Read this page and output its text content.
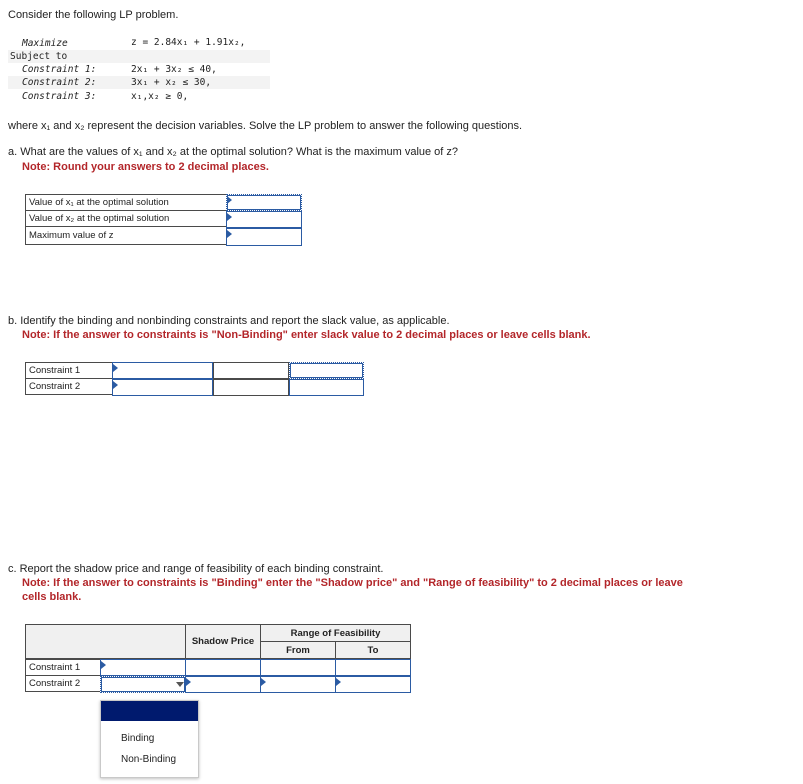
Consider the following LP problem.
Maximize	z = 2.84x₁ + 1.91x₂,
Subject to
Constraint 1:	2x₁ + 3x₂ ≤ 40,
Constraint 2:	3x₁ + x₂ ≤ 30,
Constraint 3:	x₁,x₂ ≥ 0,
where x₁ and x₂ represent the decision variables. Solve the LP problem to answer the following questions.
a. What are the values of x₁ and x₂ at the optimal solution? What is the maximum value of z?
Note: Round your answers to 2 decimal places.
Value of x₁ at the optimal solution
Value of x₂ at the optimal solution
Maximum value of z
b. Identify the binding and nonbinding constraints and report the slack value, as applicable.
Note: If the answer to constraints is "Non-Binding" enter slack value to 2 decimal places or leave cells blank.
Constraint 1
Constraint 2
c. Report the shadow price and range of feasibility of each binding constraint.
Note: If the answer to constraints is "Binding" enter the "Shadow price" and "Range of feasibility" to 2 decimal places or leave
cells blank.
Shadow Price
Range of Feasibility
From	To
Constraint 1
Constraint 2
Binding
Non-Binding
